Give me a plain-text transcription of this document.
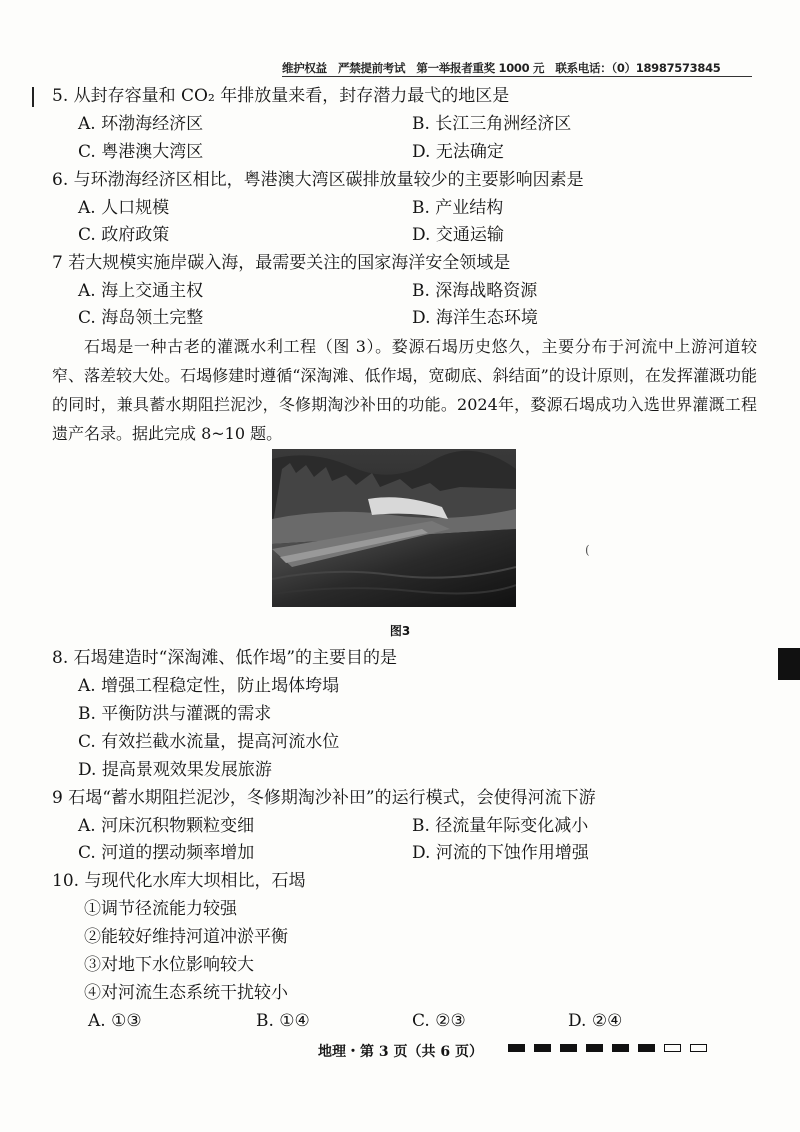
维护权益　严禁提前考试　第一举报者重奖 1000 元　联系电话：（0）18987573845
5. 从封存容量和 CO₂ 年排放量来看，封存潜力最弋的地区是
A. 环渤海经济区	B. 长江三角洲经济区
C. 粤港澳大湾区	D. 无法确定
6. 与环渤海经济区相比，粤港澳大湾区碳排放量较少的主要影响因素是
A. 人口规模	B. 产业结构
C. 政府政策	D. 交通运输
7 若大规模实施岸碳入海，最需要关注的国家海洋安全领域是
A. 海上交通主权	B. 深海战略资源
C. 海岛领土完整	D. 海洋生态环境
石堨是一种古老的灌溉水利工程（图 3）。婺源石堨历史悠久，主要分布于河流中上游河道较窄、落差较大处。石堨修建时遵循“深淘滩、低作堨，宽砌底、斜结面”的设计原则，在发挥灌溉功能的同时，兼具蓄水期阻拦泥沙，冬修期淘沙补田的功能。2024年，婺源石堨成功入选世界灌溉工程遗产名录。据此完成 8~10 题。
图3
(
8. 石堨建造时“深淘滩、低作堨”的主要目的是
A. 增强工程稳定性，防止堨体垮塌
B. 平衡防洪与灌溉的需求
C. 有效拦截水流量，提高河流水位
D. 提高景观效果发展旅游
9 石堨“蓄水期阻拦泥沙，冬修期淘沙补田”的运行模式，会使得河流下游
A. 河床沉积物颗粒变细	B. 径流量年际变化减小
C. 河道的摆动频率增加	D. 河流的下蚀作用增强
10. 与现代化水库大坝相比，石堨
①调节径流能力较强
②能较好维持河道冲淤平衡
③对地下水位影响较大
④对河流生态系统干扰较小
A. ①③	B. ①④	C. ②③	D. ②④
地理・第 3 页（共 6 页）
